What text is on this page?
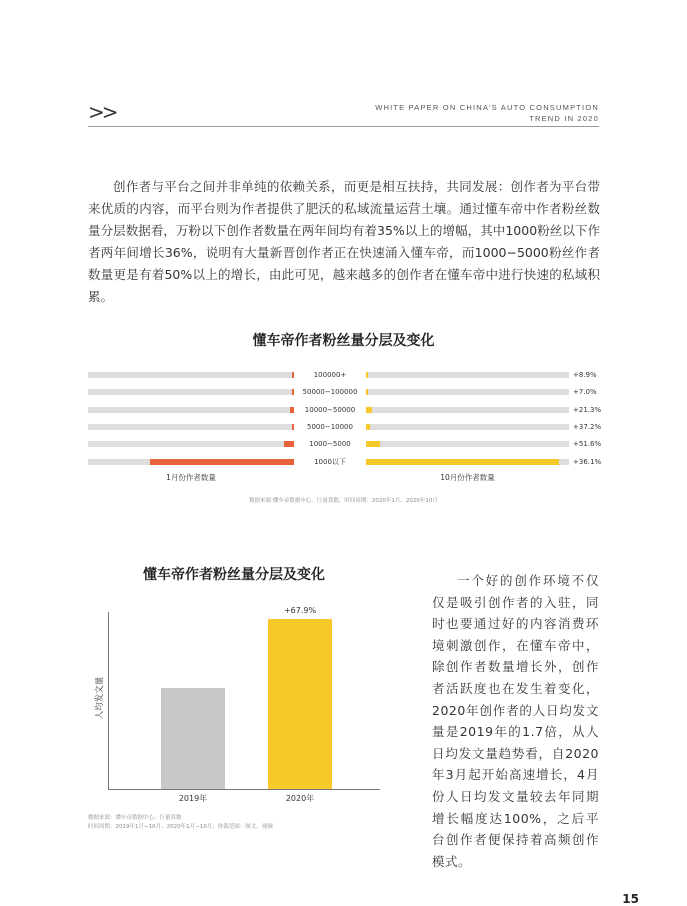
>>	WHITE PAPER ON CHINA'S AUTO CONSUMPTION
TREND IN 2020
创作者与平台之间并非单纯的依赖关系，而更是相互扶持，共同发展：创作者为平台带来优质的内容，而平台则为作者提供了肥沃的私域流量运营土壤。通过懂车帝中作者粉丝数量分层数据看，万粉以下创作者数量在两年间均有着35%以上的增幅，其中1000粉丝以下作者两年间增长36%，说明有大量新晋创作者正在快速涌入懂车帝，而1000−5000粉丝作者数量更是有着50%以上的增长，由此可见，越来越多的创作者在懂车帝中进行快速的私域积累。
懂车帝作者粉丝量分层及变化
100000+	+8.9%
50000−100000	+7.0%
10000−50000	+21.3%
5000−10000	+37.2%
1000−5000	+51.6%
1000以下	+36.1%
1月份作者数量	10月份作者数量
数据来源:懂车帝数据中心、巨量算数，时间周期：2020年1月、2020年10月
懂车帝作者粉丝量分层及变化
人均发文量
2019年	2020年
+67.9%
数据来源：懂车帝数据中心、巨量算数
时间周期：2019年1月−10月、2020年1月−10月，体裁范围：图文、视频
一个好的创作环境不仅仅是吸引创作者的入驻，同时也要通过好的内容消费环境刺激创作，在懂车帝中，除创作者数量增长外，创作者活跃度也在发生着变化，2020年创作者的人日均发文量是2019年的1.7倍，从人日均发文量趋势看，自2020年3月起开始高速增长，4月份人日均发文量较去年同期增长幅度达100%，之后平台创作者便保持着高频创作模式。
15
